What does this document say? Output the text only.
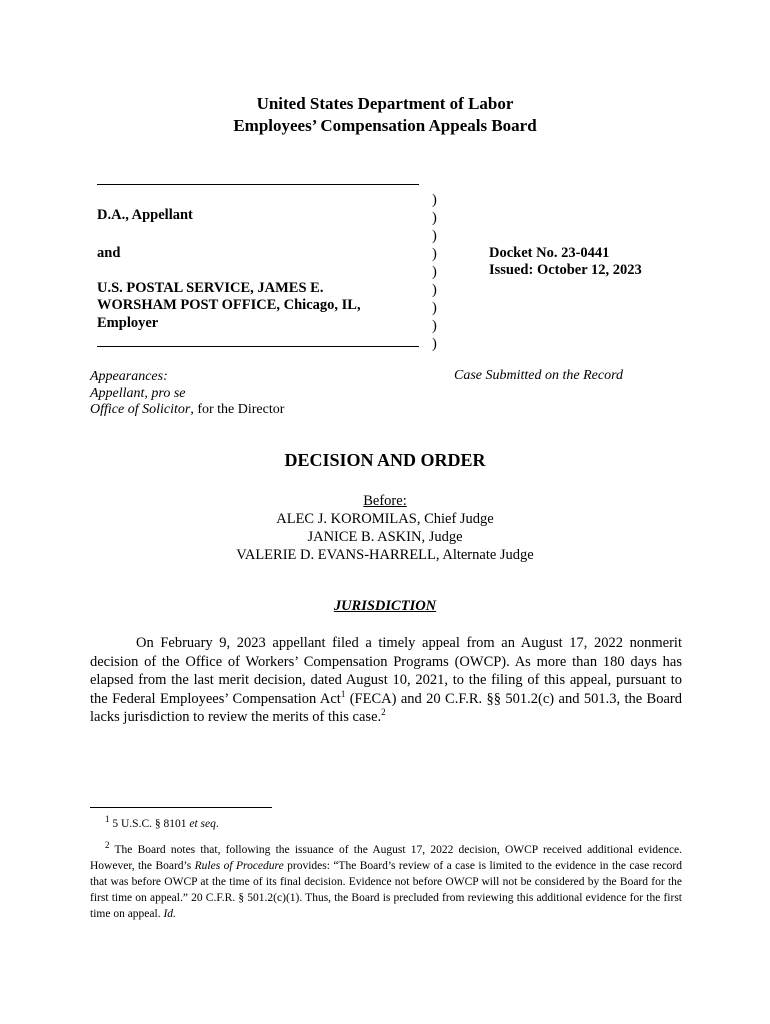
United States Department of Labor
Employees’ Compensation Appeals Board
D.A., Appellant
and
U.S. POSTAL SERVICE, JAMES E.
WORSHAM POST OFFICE, Chicago, IL,
Employer
)
)
)
)
)
)
)
)
)
Docket No. 23-0441
Issued: October 12, 2023
Appearances:
Appellant, pro se
Office of Solicitor, for the Director
Case Submitted on the Record
DECISION AND ORDER
Before:
ALEC J. KOROMILAS, Chief Judge
JANICE B. ASKIN, Judge
VALERIE D. EVANS-HARRELL, Alternate Judge
JURISDICTION
On February 9, 2023 appellant filed a timely appeal from an August 17, 2022 nonmerit decision of the Office of Workers’ Compensation Programs (OWCP). As more than 180 days has elapsed from the last merit decision, dated August 10, 2021, to the filing of this appeal, pursuant to the Federal Employees’ Compensation Act$^1$ (FECA) and 20 C.F.R. §§ 501.2(c) and 501.3, the Board lacks jurisdiction to review the merits of this case.$^2$
$^1$ 5 U.S.C. § 8101 et seq.
$^2$ The Board notes that, following the issuance of the August 17, 2022 decision, OWCP received additional evidence. However, the Board’s Rules of Procedure provides: “The Board’s review of a case is limited to the evidence in the case record that was before OWCP at the time of its final decision. Evidence not before OWCP will not be considered by the Board for the first time on appeal.” 20 C.F.R. § 501.2(c)(1). Thus, the Board is precluded from reviewing this additional evidence for the first time on appeal. Id.
